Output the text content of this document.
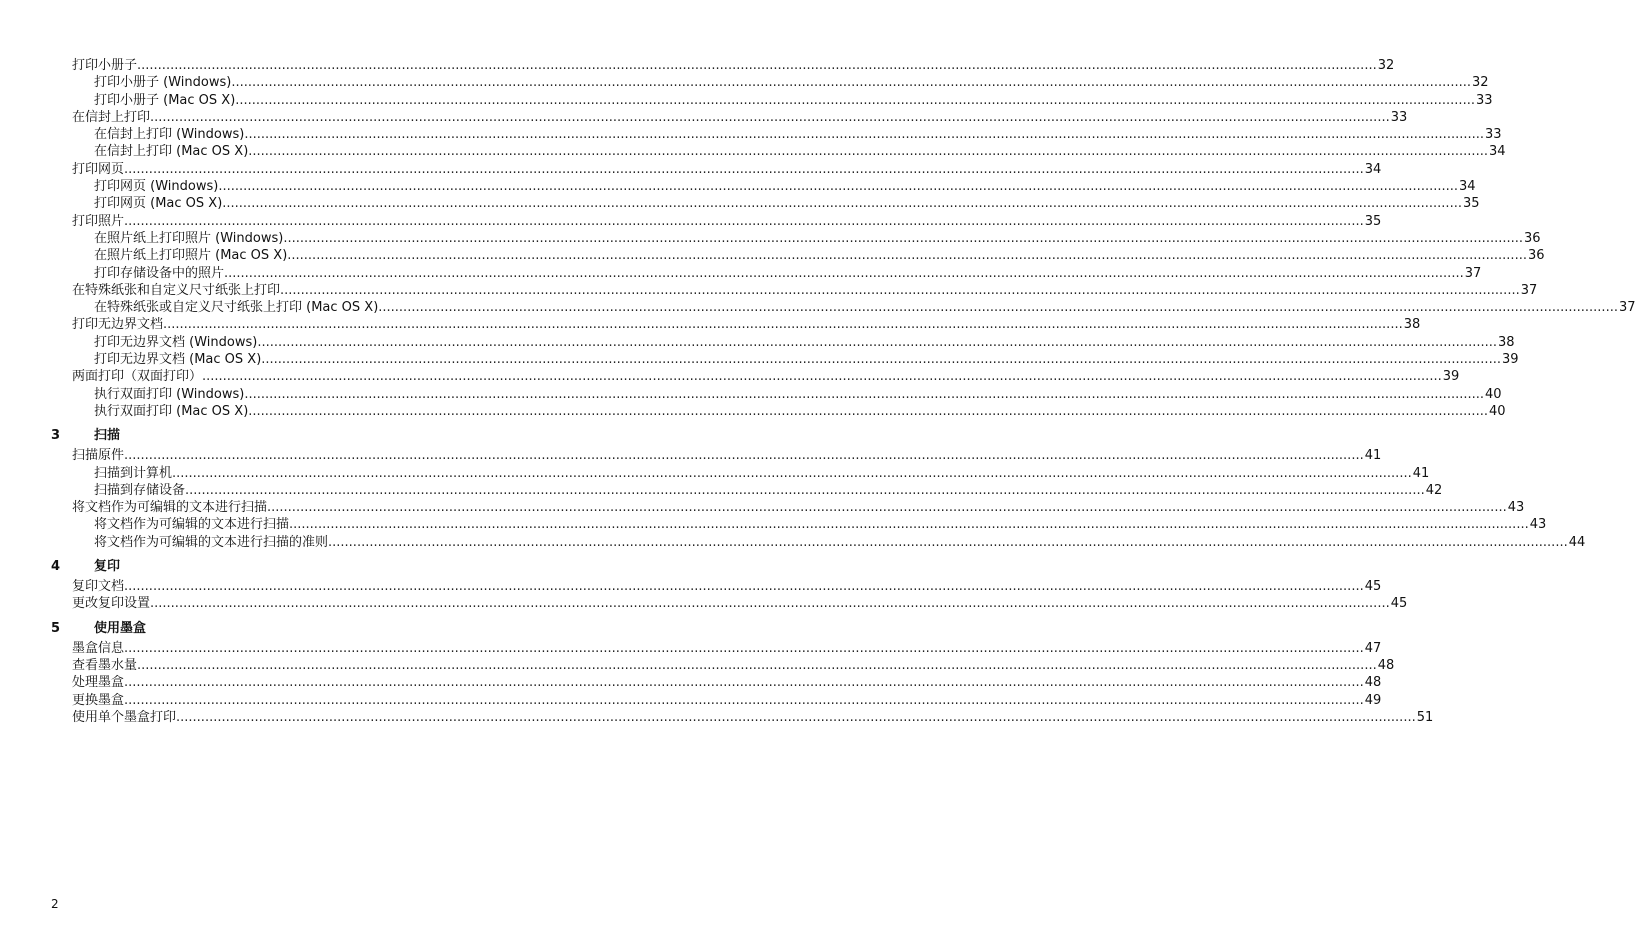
打印小册子 ............................................................................................................................................................................................................................................................................................................ 32
打印小册子 (Windows) ............................................................................................................................................................................................................................................................................................................ 32
打印小册子 (Mac OS X) ............................................................................................................................................................................................................................................................................................................ 33
在信封上打印 ............................................................................................................................................................................................................................................................................................................ 33
在信封上打印 (Windows) ............................................................................................................................................................................................................................................................................................................ 33
在信封上打印 (Mac OS X) ............................................................................................................................................................................................................................................................................................................ 34
打印网页 ............................................................................................................................................................................................................................................................................................................ 34
打印网页 (Windows) ............................................................................................................................................................................................................................................................................................................ 34
打印网页 (Mac OS X) ............................................................................................................................................................................................................................................................................................................ 35
打印照片 ............................................................................................................................................................................................................................................................................................................ 35
在照片纸上打印照片 (Windows) ............................................................................................................................................................................................................................................................................................................ 36
在照片纸上打印照片 (Mac OS X) ............................................................................................................................................................................................................................................................................................................ 36
打印存储设备中的照片 ............................................................................................................................................................................................................................................................................................................ 37
在特殊纸张和自定义尺寸纸张上打印 ............................................................................................................................................................................................................................................................................................................ 37
在特殊纸张或自定义尺寸纸张上打印 (Mac OS X) ............................................................................................................................................................................................................................................................................................................ 37
打印无边界文档 ............................................................................................................................................................................................................................................................................................................ 38
打印无边界文档 (Windows) ............................................................................................................................................................................................................................................................................................................ 38
打印无边界文档 (Mac OS X) ............................................................................................................................................................................................................................................................................................................ 39
两面打印（双面打印） ............................................................................................................................................................................................................................................................................................................ 39
执行双面打印 (Windows) ............................................................................................................................................................................................................................................................................................................ 40
执行双面打印 (Mac OS X) ............................................................................................................................................................................................................................................................................................................ 40
3	扫描
扫描原件 ............................................................................................................................................................................................................................................................................................................ 41
扫描到计算机 ............................................................................................................................................................................................................................................................................................................ 41
扫描到存储设备 ............................................................................................................................................................................................................................................................................................................ 42
将文档作为可编辑的文本进行扫描 ............................................................................................................................................................................................................................................................................................................ 43
将文档作为可编辑的文本进行扫描 ............................................................................................................................................................................................................................................................................................................ 43
将文档作为可编辑的文本进行扫描的准则 ............................................................................................................................................................................................................................................................................................................ 44
4	复印
复印文档 ............................................................................................................................................................................................................................................................................................................ 45
更改复印设置 ............................................................................................................................................................................................................................................................................................................ 45
5	使用墨盒
墨盒信息 ............................................................................................................................................................................................................................................................................................................ 47
查看墨水量 ............................................................................................................................................................................................................................................................................................................ 48
处理墨盒 ............................................................................................................................................................................................................................................................................................................ 48
更换墨盒 ............................................................................................................................................................................................................................................................................................................ 49
使用单个墨盒打印 ............................................................................................................................................................................................................................................................................................................ 51
2
